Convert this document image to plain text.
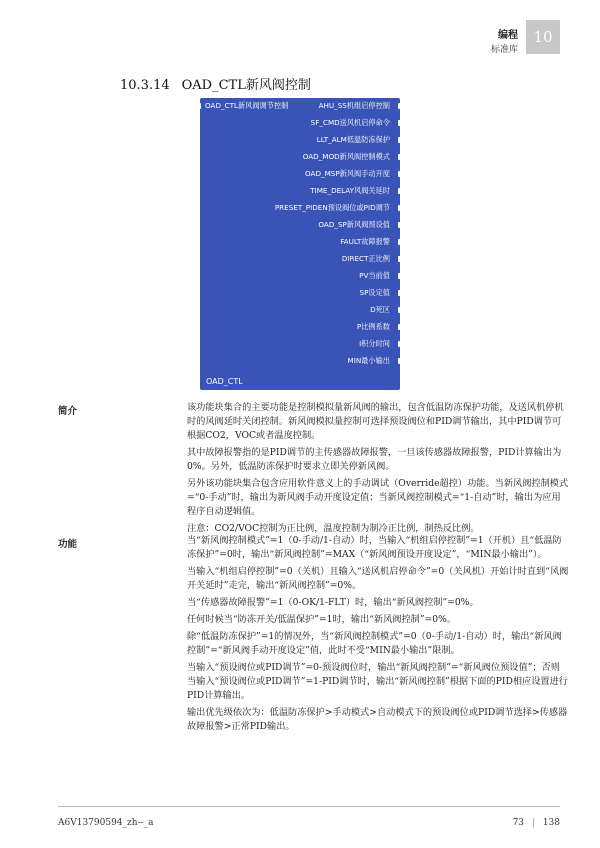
编程
标准库
10
10.3.14 OAD_CTL新风阀控制
OAD_CTL新风阀调节控制	AHU_SS机组启停控制
SF_CMD送风机启停命令
LLT_ALM低温防冻保护
OAD_MOD新风阀控制模式
OAD_MSP新风阀手动开度
TIME_DELAY风阀关延时
PRESET_PIDEN预设阀位或PID调节
OAD_SP新风阀预设值
FAULT故障报警
DIRECT正比例
PV当前值
SP设定值
D死区
P比例系数
I积分时间
MIN最小输出
OAD_CTL
简介	该功能块集合的主要功能是控制模拟量新风阀的输出，包含低温防冻保护功能，及送风机停机时的风阀延时关闭控制。新风阀模拟量控制可选择预设阀位和PID调节输出，其中PID调节可根据CO2，VOC或者温度控制。

其中故障报警指的是PID调节的主传感器故障报警，一旦该传感器故障报警，PID计算输出为0%。另外，低温防冻保护时要求立即关停新风阀。

另外该功能块集合包含应用软件意义上的手动调试（Override超控）功能。当新风阀控制模式=“0-手动”时，输出为新风阀手动开度设定值；当新风阀控制模式=“1-自动”时，输出为应用程序自动逻辑值。

注意：CO2/VOC控制为正比例，温度控制为制冷正比例，制热反比例。

功能	当“新风阀控制模式”=1（0-手动/1-自动）时，当输入“机组启停控制”=1（开机）且“低温防冻保护”=0时，输出“新风阀控制”=MAX（“新风阀预设开度设定”，“MIN最小输出”）。

当输入“机组启停控制”=0（关机）且输入“送风机启停命令”=0（关风机）开始计时直到“风阀开关延时”走完，输出“新风阀控制”=0%。

当“传感器故障报警”=1（0-OK/1-FLT）时，输出“新风阀控制”=0%。

任何时候当“防冻开关/低温保护”=1时，输出“新风阀控制”=0%。

除“低温防冻保护”=1的情况外，当“新风阀控制模式”=0（0-手动/1-自动）时，输出“新风阀控制”=“新风阀手动开度设定”值，此时不受“MIN最小输出”限制。

当输入“预设阀位或PID调节”=0-预设阀位时，输出“新风阀控制”=“新风阀位预设值”；否则当输入“预设阀位或PID调节”=1-PID调节时，输出“新风阀控制”根据下面的PID相应设置进行PID计算输出。

输出优先级依次为：低温防冻保护>手动模式>自动模式下的预设阀位或PID调节选择>传感器故障报警>正常PID输出。

A6V13790594_zh--_a	73 | 138
